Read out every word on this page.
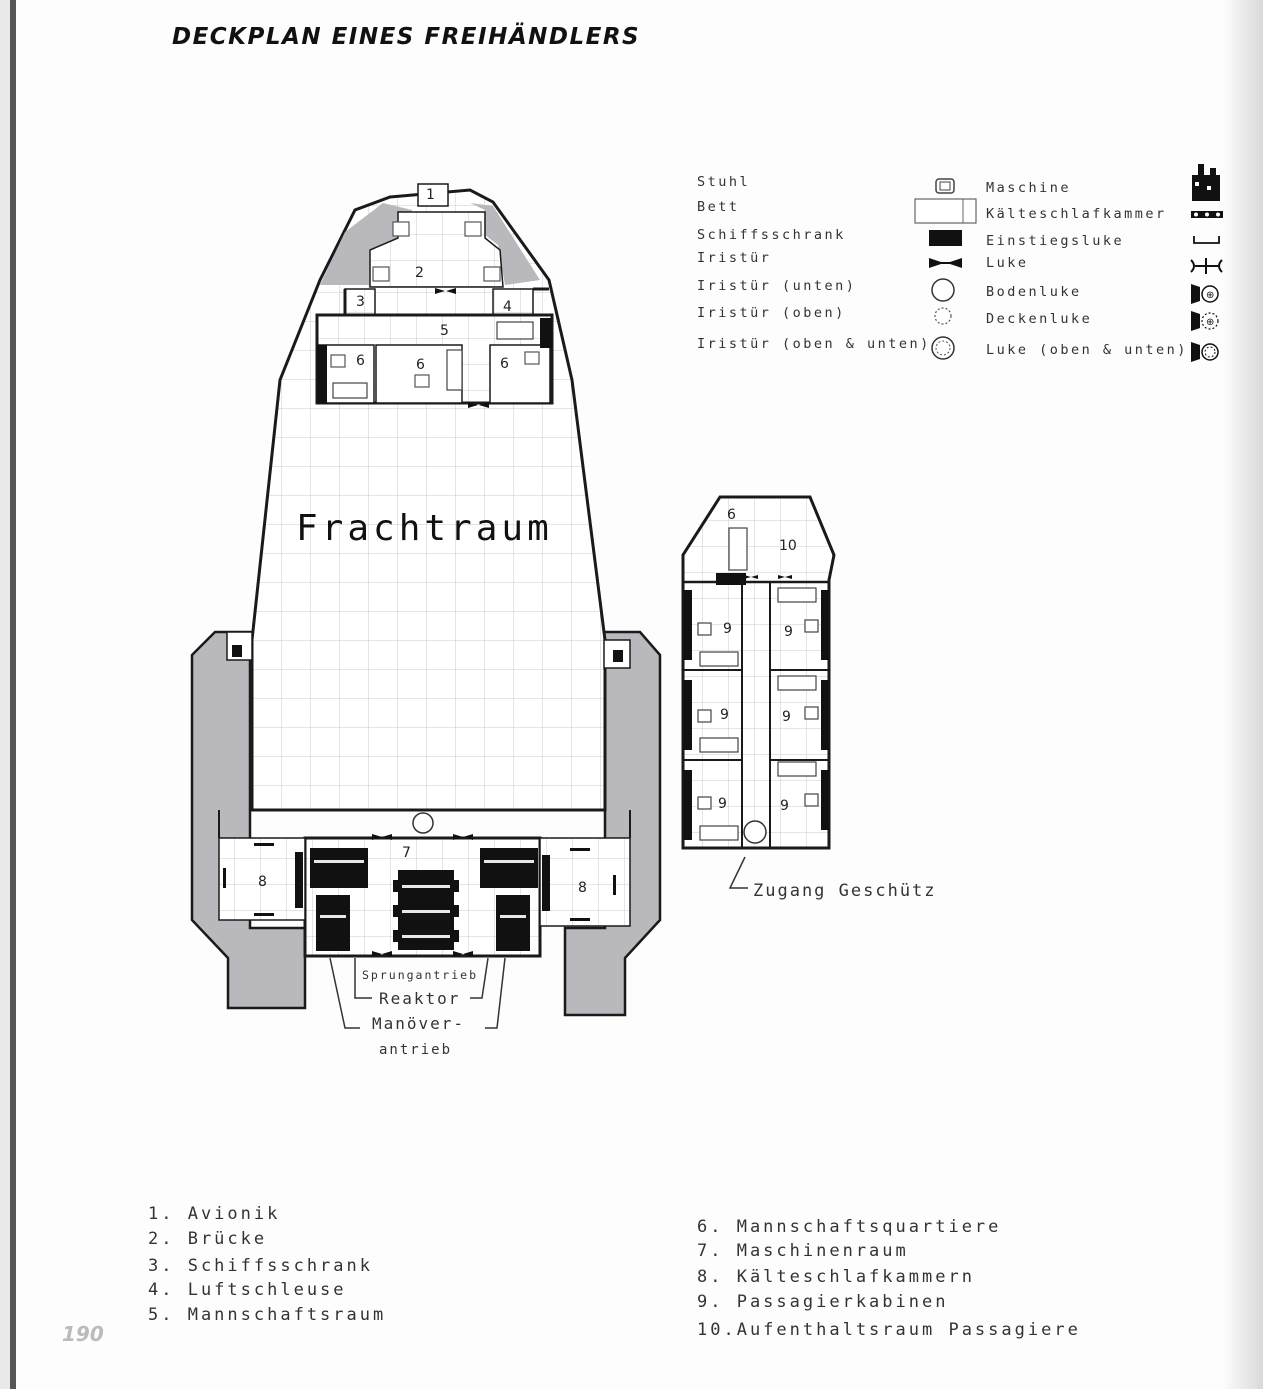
DECKPLAN EINES FREIHÄNDLERS
Stuhl
Bett
Schiffsschrank
Iristür
Iristür (unten)
Iristür (oben)
Iristür (oben & unten)
Maschine
Kälteschlafkammer
Einstiegsluke
Luke
Bodenluke
Deckenluke
Luke (oben & unten)
1. Avionik
2. Brücke
3. Schiffsschrank
4. Luftschleuse
5. Mannschaftsraum
6. Mannschaftsquartiere
7. Maschinenraum
8. Kälteschlafkammern
9. Passagierkabinen
10.Aufenthaltsraum Passagiere
190
⊕
⊕
1
2
3	4
5
6	6	6
7
8	8
Frachtraum
Sprungantrieb
Reaktor
Manöver-
antrieb
6
10
9	9
9	9
9	9
Zugang Geschütz
